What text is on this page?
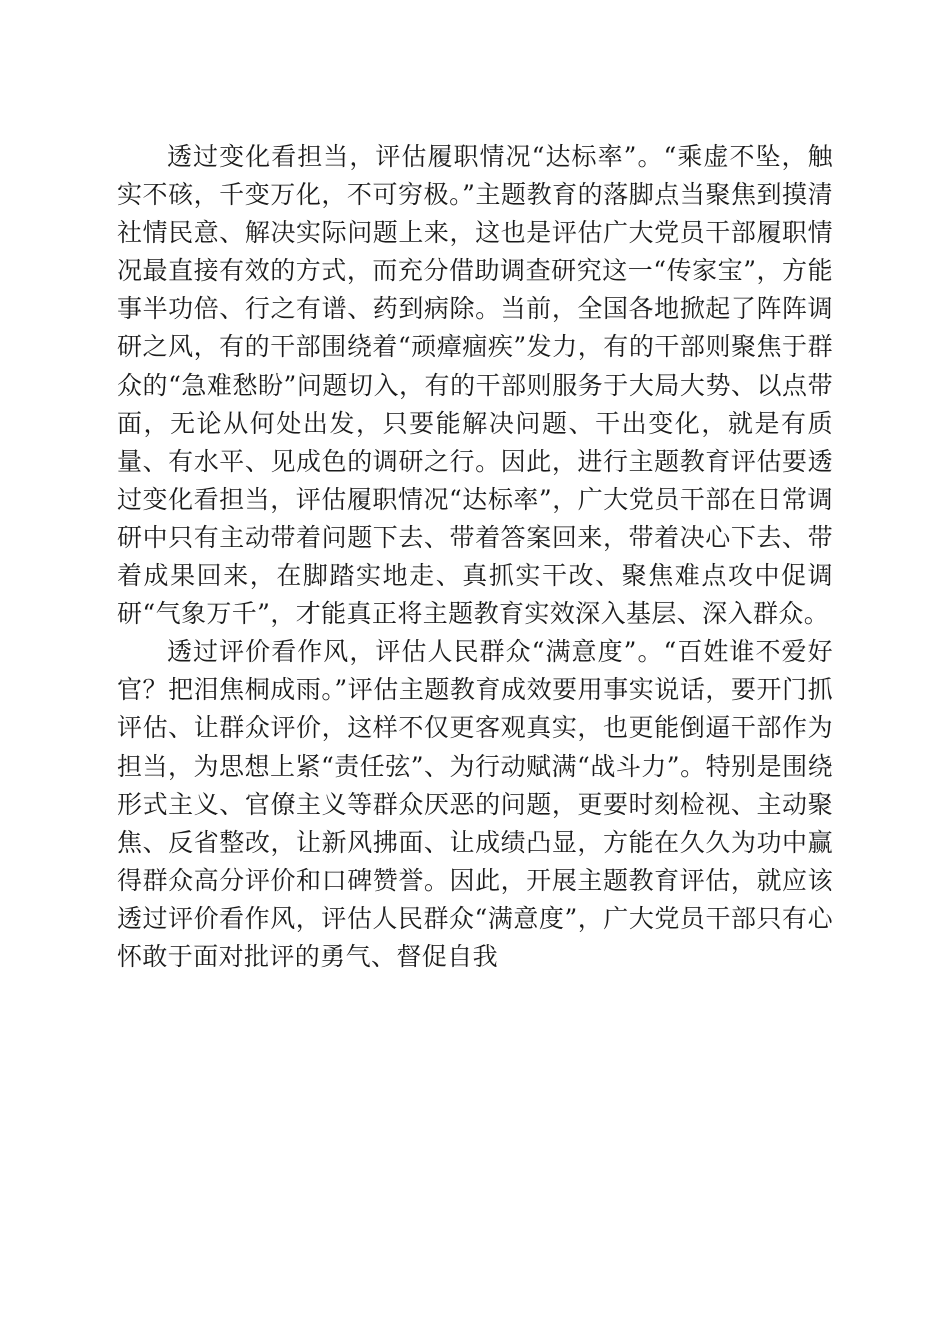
透过变化看担当，评估履职情况“达标率”。“乘虚不坠，触实不硋，千变万化，不可穷极。”主题教育的落脚点当聚焦到摸清社情民意、解决实际问题上来，这也是评估广大党员干部履职情况最直接有效的方式，而充分借助调查研究这一“传家宝”，方能事半功倍、行之有谱、药到病除。当前，全国各地掀起了阵阵调研之风，有的干部围绕着“顽瘴痼疾”发力，有的干部则聚焦于群众的“急难愁盼”问题切入，有的干部则服务于大局大势、以点带面，无论从何处出发，只要能解决问题、干出变化，就是有质量、有水平、见成色的调研之行。因此，进行主题教育评估要透过变化看担当，评估履职情况“达标率”，广大党员干部在日常调研中只有主动带着问题下去、带着答案回来，带着决心下去、带着成果回来，在脚踏实地走、真抓实干改、聚焦难点攻中促调研“气象万千”，才能真正将主题教育实效深入基层、深入群众。

透过评价看作风，评估人民群众“满意度”。“百姓谁不爱好官？把泪焦桐成雨。”评估主题教育成效要用事实说话，要开门抓评估、让群众评价，这样不仅更客观真实，也更能倒逼干部作为担当，为思想上紧“责任弦”、为行动赋满“战斗力”。特别是围绕形式主义、官僚主义等群众厌恶的问题，更要时刻检视、主动聚焦、反省整改，让新风拂面、让成绩凸显，方能在久久为功中赢得群众高分评价和口碑赞誉。因此，开展主题教育评估，就应该透过评价看作风，评估人民群众“满意度”，广大党员干部只有心怀敢于面对批评的勇气、督促自我
